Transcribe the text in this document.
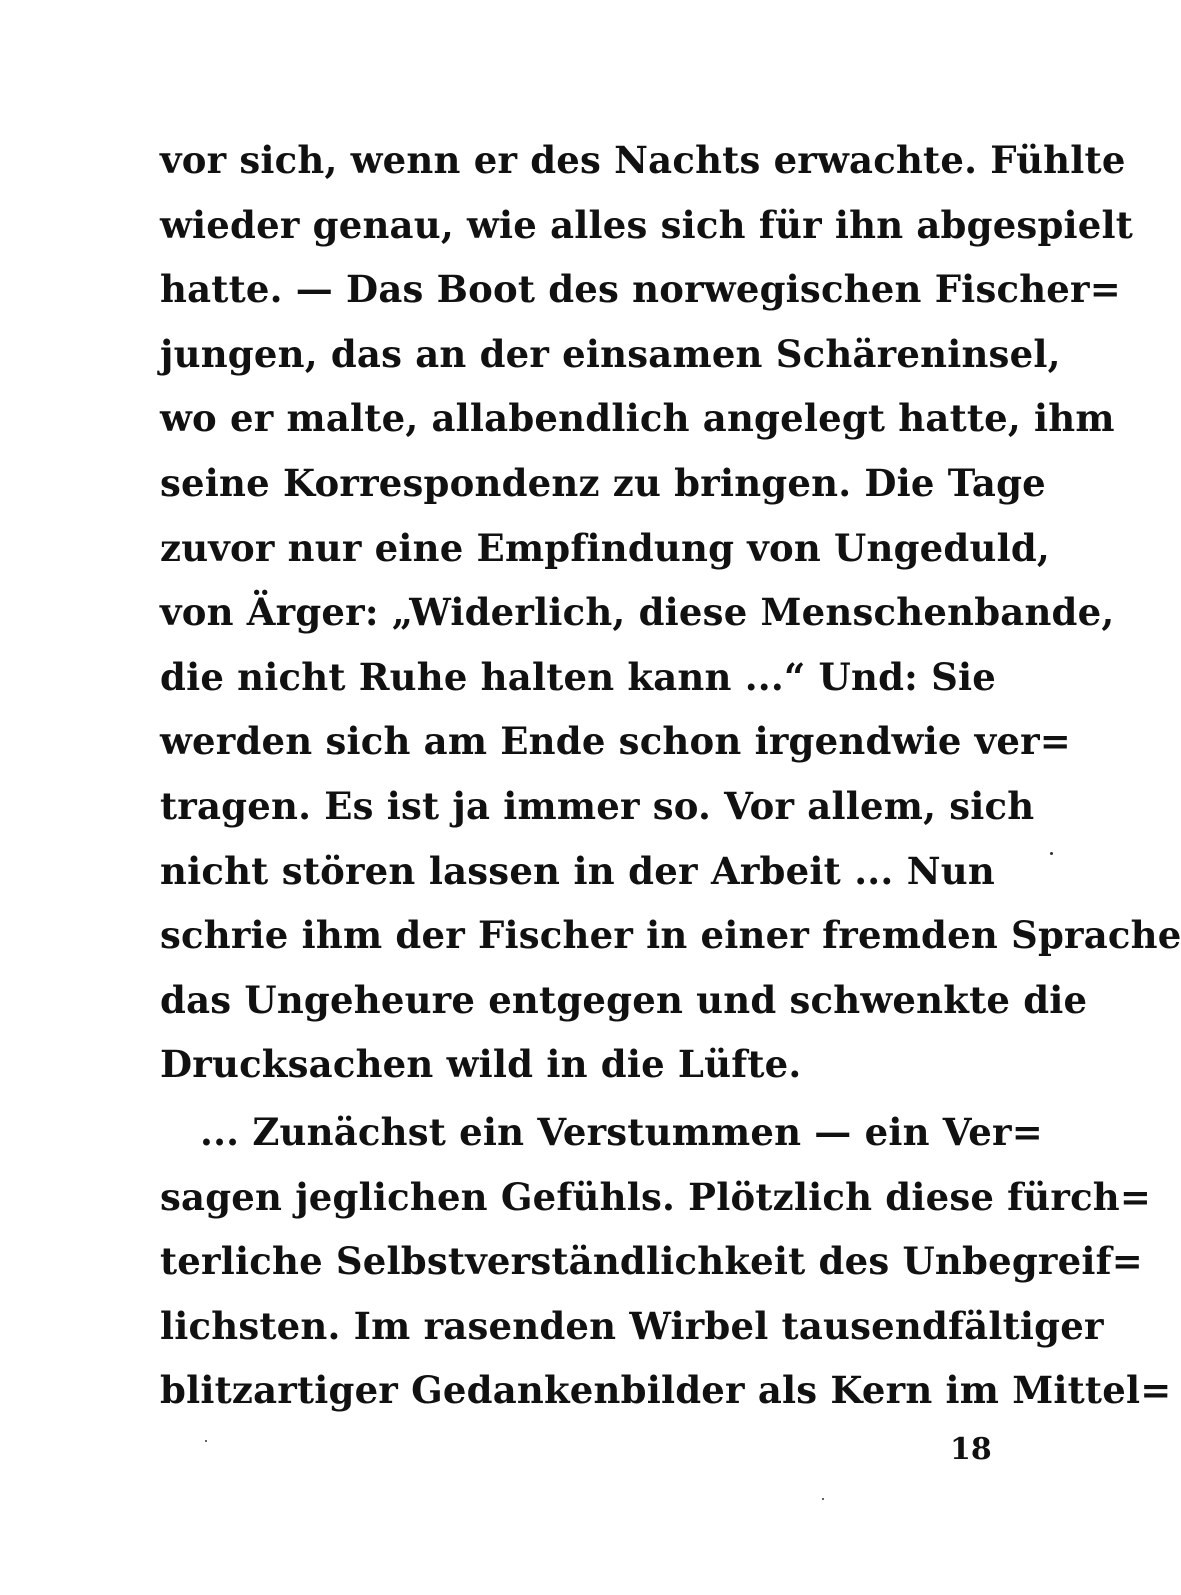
vor sich, wenn er des Nachts erwachte. Fühlte
wieder genau, wie alles sich für ihn abgespielt
hatte. — Das Boot des norwegischen Fischer=
jungen, das an der einsamen Schäreninsel,
wo er malte, allabendlich angelegt hatte, ihm
seine Korrespondenz zu bringen. Die Tage
zuvor nur eine Empfindung von Ungeduld,
von Ärger: „Widerlich, diese Menschenbande,
die nicht Ruhe halten kann ...“ Und: Sie
werden sich am Ende schon irgendwie ver=
tragen. Es ist ja immer so. Vor allem, sich
nicht stören lassen in der Arbeit ... Nun
schrie ihm der Fischer in einer fremden Sprache
das Ungeheure entgegen und schwenkte die
Drucksachen wild in die Lüfte.
... Zunächst ein Verstummen — ein Ver=
sagen jeglichen Gefühls. Plötzlich diese fürch=
terliche Selbstverständlichkeit des Unbegreif=
lichsten. Im rasenden Wirbel tausendfältiger
blitzartiger Gedankenbilder als Kern im Mittel=
18
